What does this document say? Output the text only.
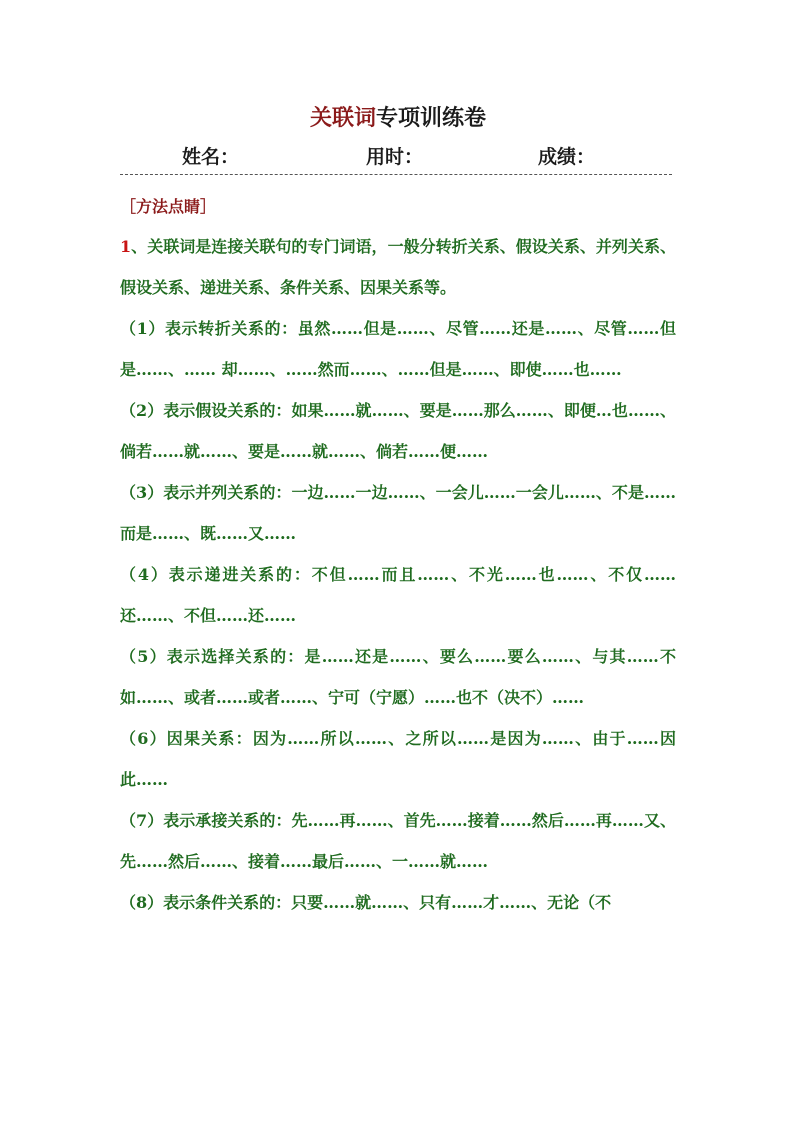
关联词专项训练卷
姓名：	用时：	成绩：
［方法点睛］

1、关联词是连接关联句的专门词语，一般分转折关系、假设关系、并列关系、假设关系、递进关系、条件关系、因果关系等。

（1）表示转折关系的：虽然……但是……、尽管……还是……、尽管……但是……、…… 却……、……然而……、……但是……、即使……也……

（2）表示假设关系的：如果……就……、要是……那么……、即便…也……、倘若……就……、要是……就……、倘若……便……

（3）表示并列关系的：一边……一边……、一会儿……一会儿……、不是……而是……、既……又……

（4）表示递进关系的：不但……而且……、不光……也……、不仅……还……、不但……还……

（5）表示选择关系的：是……还是……、要么……要么……、与其……不如……、或者……或者……、宁可（宁愿）……也不（决不）……

（6）因果关系：因为……所以……、之所以……是因为……、由于……因此……

（7）表示承接关系的：先……再……、首先……接着……然后……再……又、先……然后……、接着……最后……、一……就……

（8）表示条件关系的：只要……就……、只有……才……、无论（不
